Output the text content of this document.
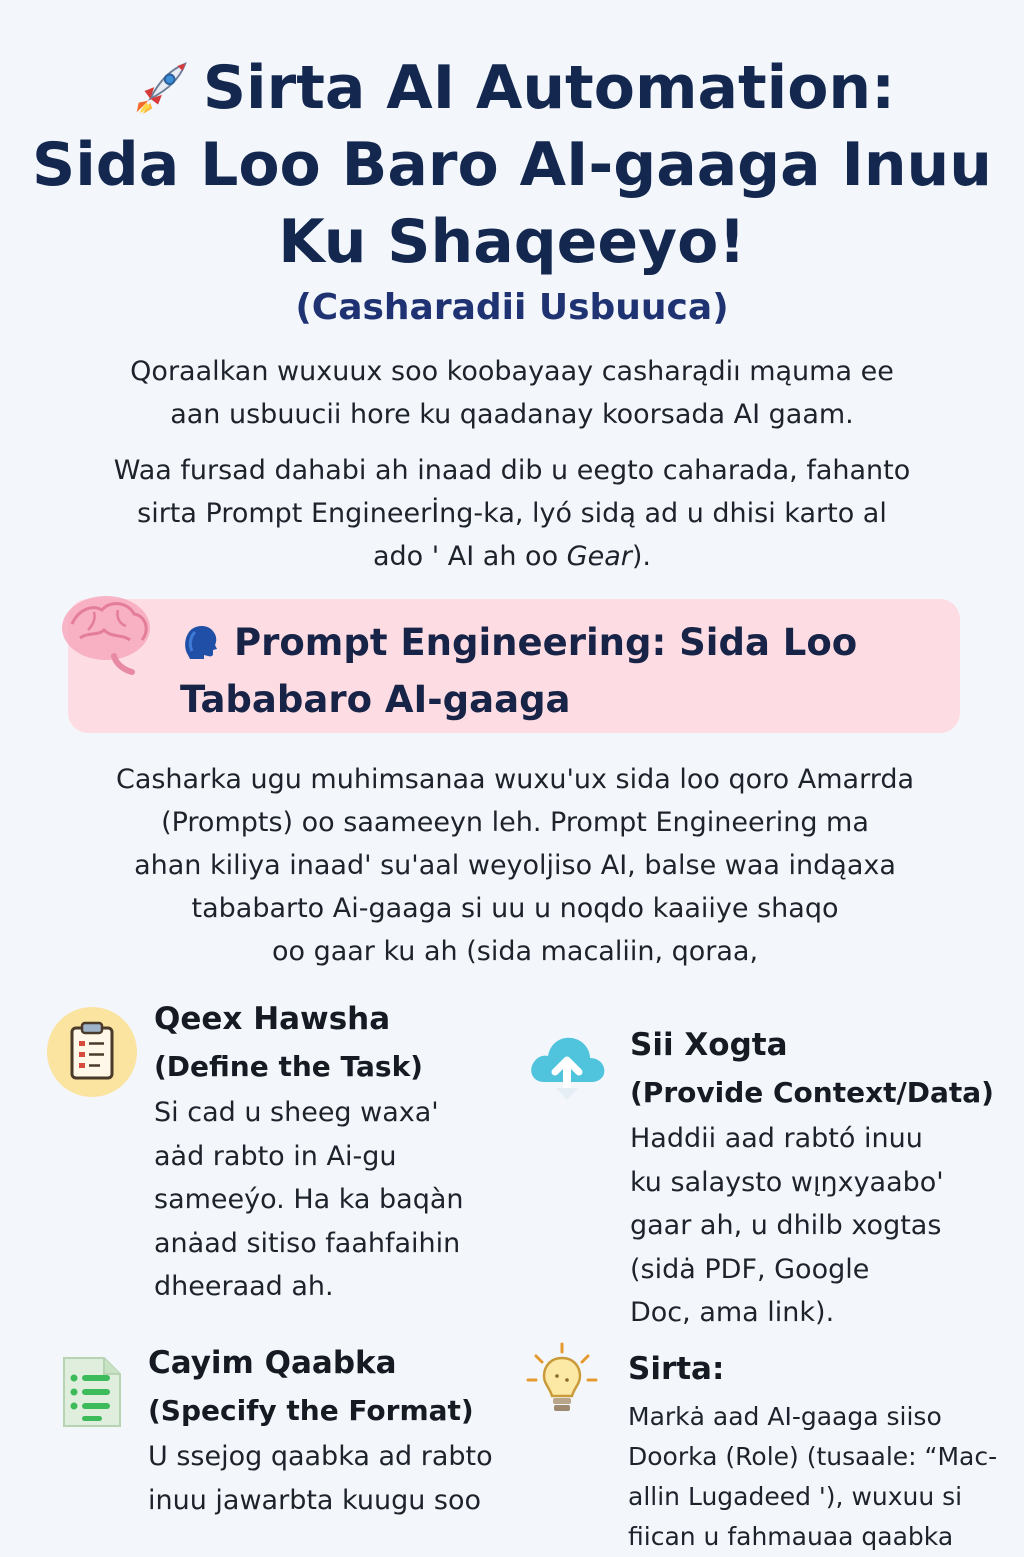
Sirta AI Automation:
Sida Loo Baro AI-gaaga Inuu
Ku Shaqeeyo!
(Casharadii Usbuuca)
Qoraalkan wuxuux soo koobayaay casharądiı mąuma ee
aan usbuucii hore ku qaadanay koorsada AI gaam.
Waa fursad dahabi ah inaad dib u eegto caharada, fahanto
sirta Prompt Engineerİng-ka, lyó sidą ad u dhisi karto al
ado ' AI ah oo Gear).
Prompt Engineering: Sida Loo
Tababaro AI-gaaga
Casharka ugu muhimsanaa wuxu'ux sida loo qoro Amarrda
(Prompts) oo saameeyn leh. Prompt Engineering ma
ahan kiliya inaad' su'aal weyoljiso AI, balse waa indąaxa
tababarto Ai-gaaga si uu u noqdo kaaiiye shaqo
oo gaar ku ah (sida macaliin, qoraa,
Qeex Hawsha
(Define the Task)
Si cad u sheeg waxa'
aȧd rabto in Ai-gu
sameeýo. Ha ka baqàn
anȧad sitiso faahfaihin
dheeraad ah.
Sii Xogta
(Provide Context/Data)
Haddii aad rabtó inuu
ku salaysto wı̨ŋxyaabo'
gaar ah, u dhilb xogtas
(sidȧ PDF, Google
Doc, ama link).
Cayim Qaabka
(Specify the Format)
U ssejog qaabka ad rabto
inuu jawarbta kuugu soo
Sirta:
Markȧ aad AI-gaaga siiso
Doorka (Role) (tusaale: “Mac-
allin Lugadeed '), wuxuu si
fiican u fahmauaa qaabka
